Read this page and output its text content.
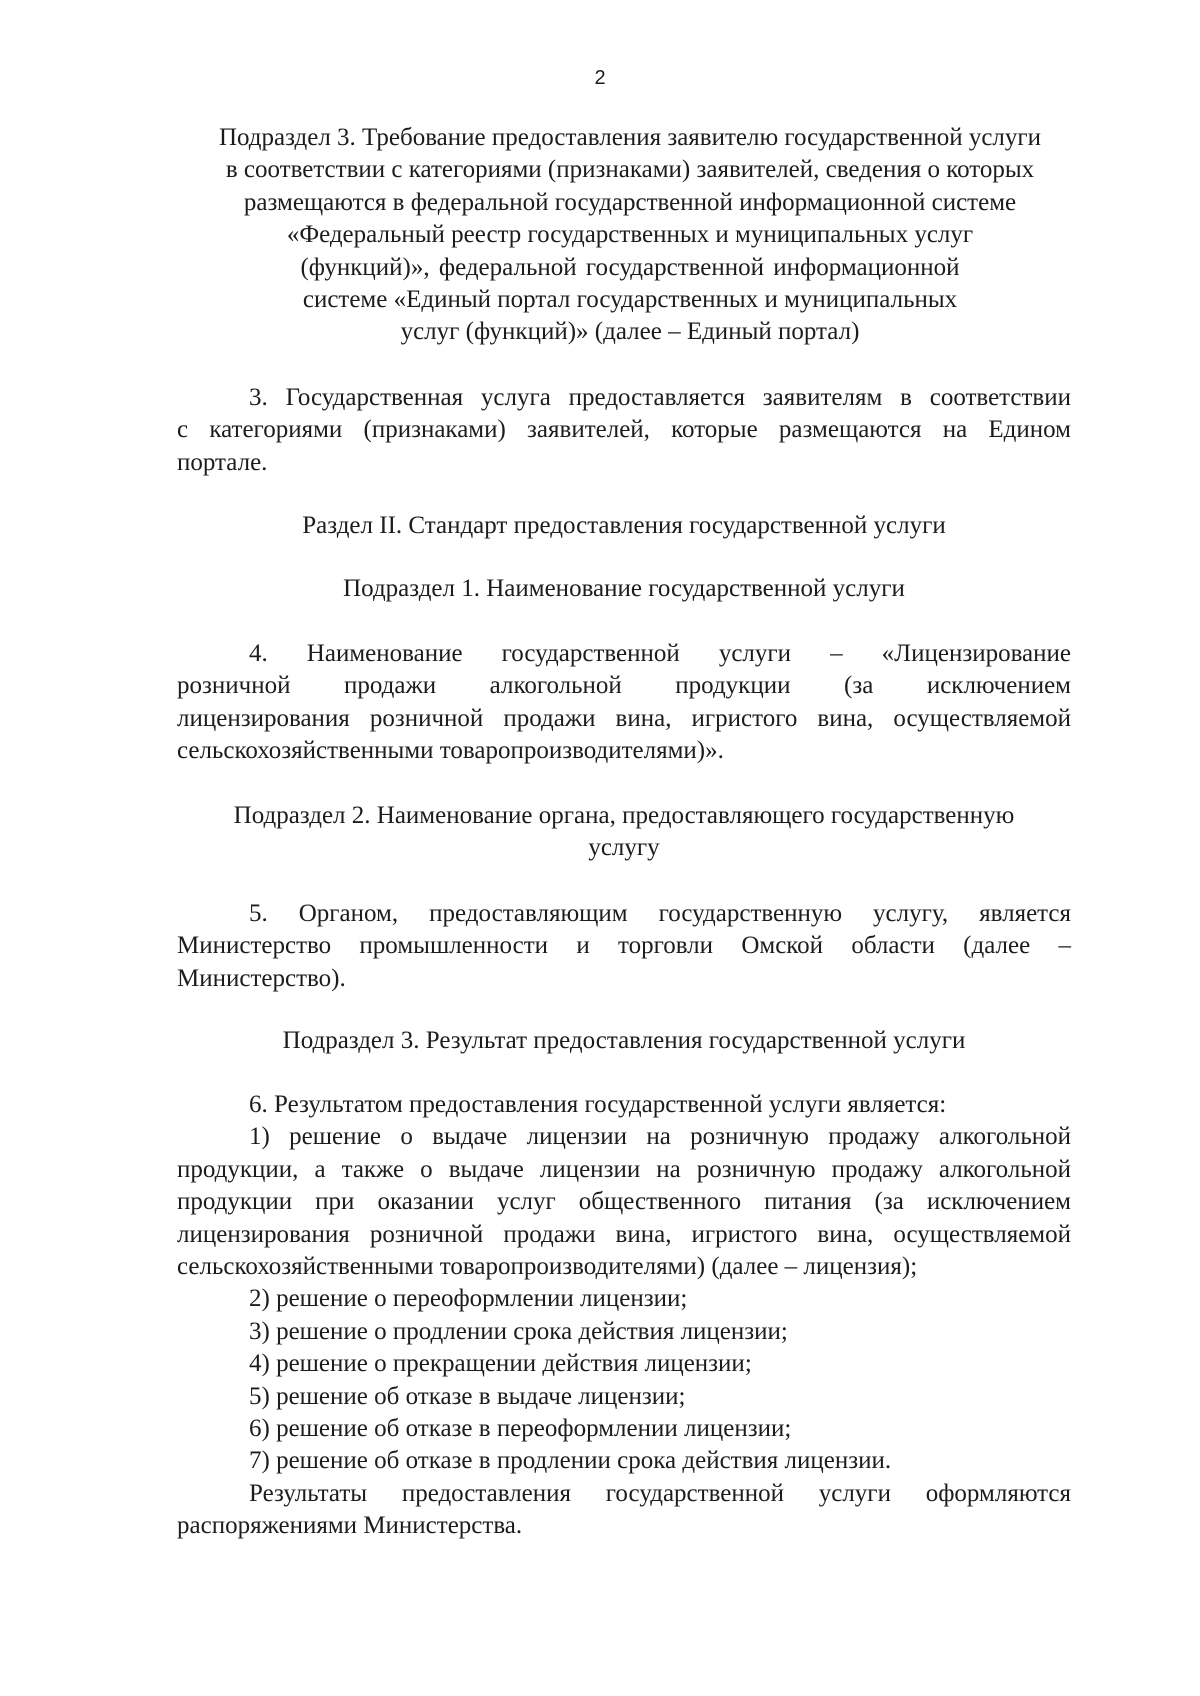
2
Подраздел 3. Требование предоставления заявителю государственной услуги
в соответствии с категориями (признаками) заявителей, сведения о которых
размещаются в федеральной государственной информационной системе
«Федеральный реестр государственных и муниципальных услуг
(функций)», федеральной государственной информационной
системе «Единый портал государственных и муниципальных
услуг (функций)» (далее – Единый портал)
3. Государственная услуга предоставляется заявителям в соответствии
с категориями (признаками) заявителей, которые размещаются на Едином
портале.
Раздел II. Стандарт предоставления государственной услуги
Подраздел 1. Наименование государственной услуги
4. Наименование государственной услуги – «Лицензирование
розничной продажи алкогольной продукции (за исключением
лицензирования розничной продажи вина, игристого вина, осуществляемой
сельскохозяйственными товаропроизводителями)».
Подраздел 2. Наименование органа, предоставляющего государственную
услугу
5. Органом, предоставляющим государственную услугу, является
Министерство промышленности и торговли Омской области (далее –
Министерство).
Подраздел 3. Результат предоставления государственной услуги
6. Результатом предоставления государственной услуги является:
1) решение о выдаче лицензии на розничную продажу алкогольной
продукции, а также о выдаче лицензии на розничную продажу алкогольной
продукции при оказании услуг общественного питания (за исключением
лицензирования розничной продажи вина, игристого вина, осуществляемой
сельскохозяйственными товаропроизводителями) (далее – лицензия);
2) решение о переоформлении лицензии;
3) решение о продлении срока действия лицензии;
4) решение о прекращении действия лицензии;
5) решение об отказе в выдаче лицензии;
6) решение об отказе в переоформлении лицензии;
7) решение об отказе в продлении срока действия лицензии.
Результаты предоставления государственной услуги оформляются
распоряжениями Министерства.
